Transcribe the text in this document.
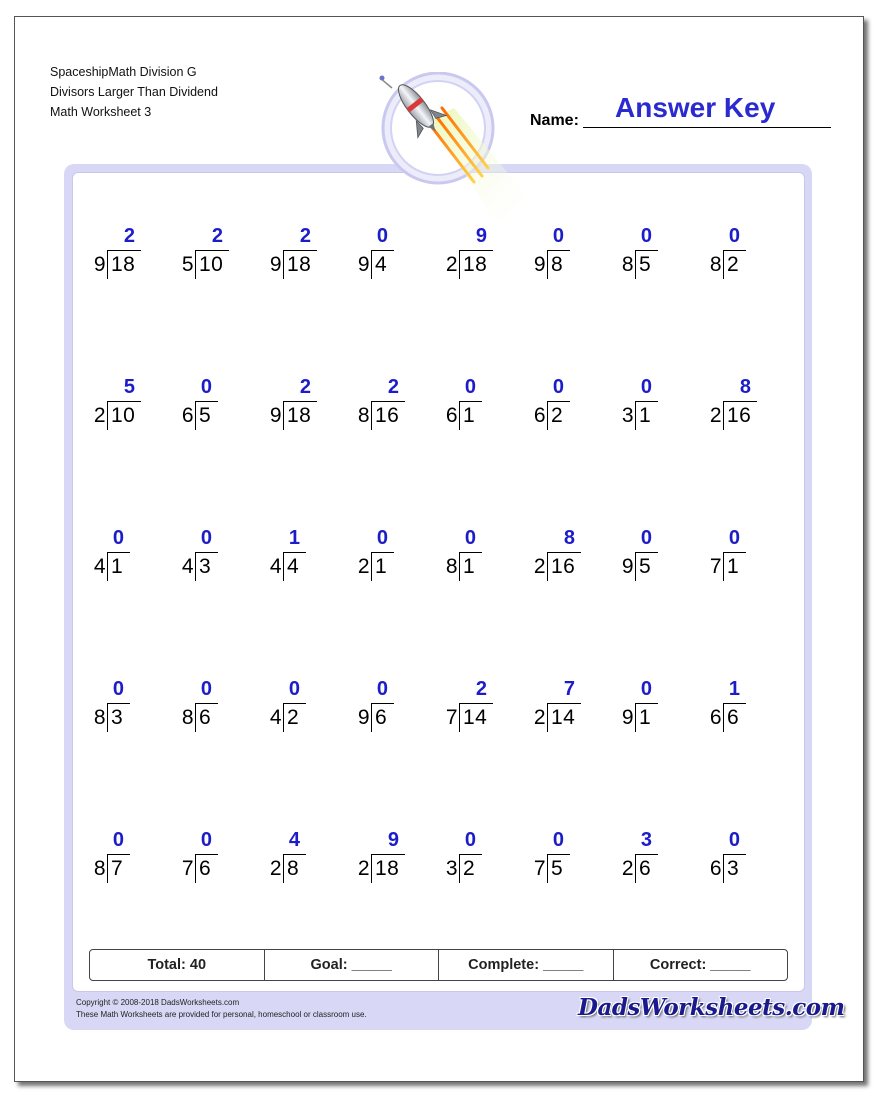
SpaceshipMath Division G
Divisors Larger Than Dividend
Math Worksheet 3	Name: Answer Key
2
9 18
2
5 10
2
9 18
0
9 4
9
2 18
0
9 8
0
8 5
0
8 2
5
2 10
0
6 5
2
9 18
2
8 16
0
6 1
0
6 2
0
3 1
8
2 16
0
4 1
0
4 3
1
4 4
0
2 1
0
8 1
8
2 16
0
9 5
0
7 1
0
8 3
0
8 6
0
4 2
0
9 6
2
7 14
7
2 14
0
9 1
1
6 6
0
8 7
0
7 6
4
2 8
9
2 18
0
3 2
0
7 5
3
2 6
0
6 3
Total: 40	Goal: _____	Complete: _____	Correct: _____
Copyright © 2008-2018 DadsWorksheets.com
These Math Worksheets are provided for personal, homeschool or classroom use.	DadsWorksheets.com
